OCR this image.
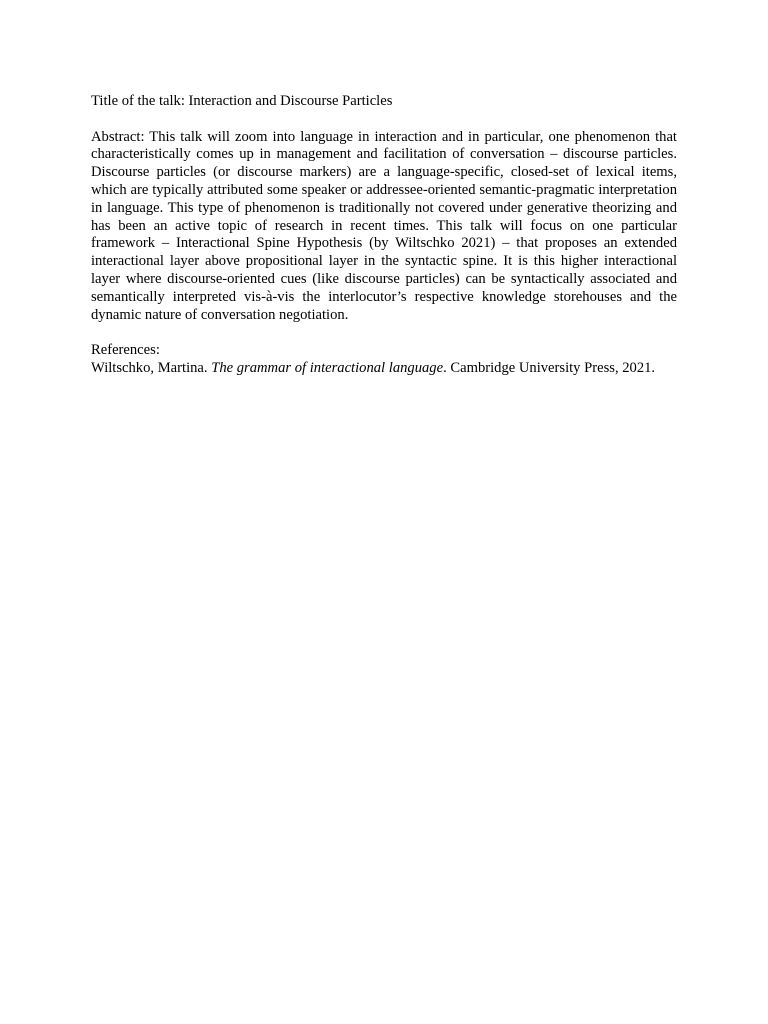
Title of the talk: Interaction and Discourse Particles

Abstract: This talk will zoom into language in interaction and in particular, one phenomenon that characteristically comes up in management and facilitation of conversation – discourse particles. Discourse particles (or discourse markers) are a language-specific, closed-set of lexical items, which are typically attributed some speaker or addressee-oriented semantic-pragmatic interpretation in language. This type of phenomenon is traditionally not covered under generative theorizing and has been an active topic of research in recent times. This talk will focus on one particular framework – Interactional Spine Hypothesis (by Wiltschko 2021) – that proposes an extended interactional layer above propositional layer in the syntactic spine. It is this higher interactional layer where discourse-oriented cues (like discourse particles) can be syntactically associated and semantically interpreted vis-à-vis the interlocutor’s respective knowledge storehouses and the dynamic nature of conversation negotiation.

References:

Wiltschko, Martina. The grammar of interactional language. Cambridge University Press, 2021.
